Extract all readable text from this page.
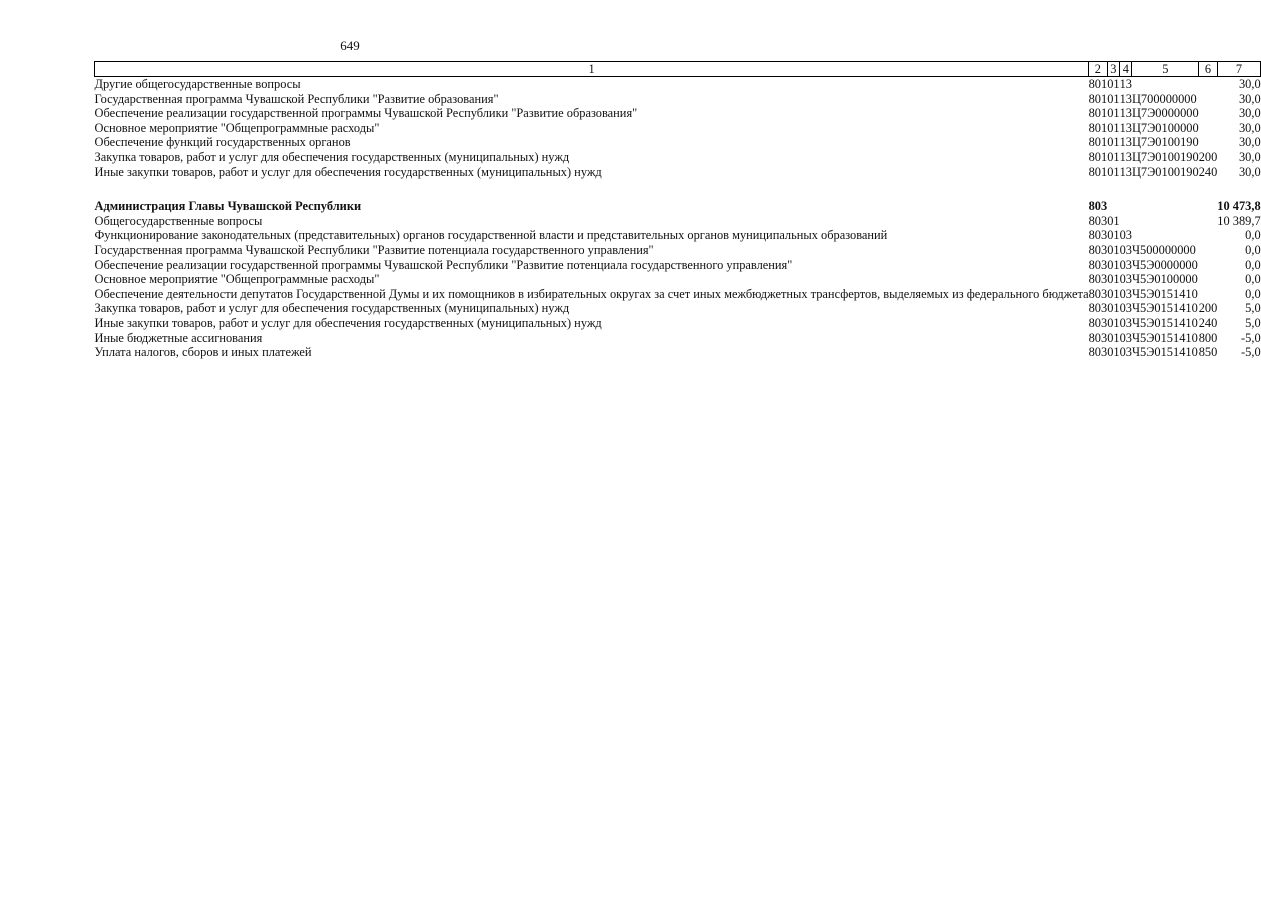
649
1	2	3	4	5	6	7
Другие общегосударственные вопросы	801	01	13			30,0
Государственная программа Чувашской Республики "Развитие образования"	801	01	13	Ц700000000		30,0
Обеспечение реализации государственной программы Чувашской Республики "Развитие образования"	801	01	13	Ц7Э0000000		30,0
Основное мероприятие "Общепрограммные расходы"	801	01	13	Ц7Э0100000		30,0
Обеспечение функций государственных органов	801	01	13	Ц7Э0100190		30,0
Закупка товаров, работ и услуг для обеспечения государственных (муниципальных) нужд	801	01	13	Ц7Э0100190	200	30,0
Иные закупки товаров, работ и услуг для обеспечения государственных (муниципальных) нужд	801	01	13	Ц7Э0100190	240	30,0

Администрация Главы Чувашской Республики	803					10 473,8
Общегосударственные вопросы	803	01				10 389,7
Функционирование законодательных (представительных) органов государственной власти и представительных органов муниципальных образований	803	01	03			0,0
Государственная программа Чувашской Республики "Развитие потенциала государственного управления"	803	01	03	Ч500000000		0,0
Обеспечение реализации государственной программы Чувашской Республики "Развитие потенциала государственного управления"	803	01	03	Ч5Э0000000		0,0
Основное мероприятие "Общепрограммные расходы"	803	01	03	Ч5Э0100000		0,0
Обеспечение деятельности депутатов Государственной Думы и их помощников в избирательных округах за счет иных межбюджетных трансфертов, выделяемых из федерального бюджета	803	01	03	Ч5Э0151410		0,0
Закупка товаров, работ и услуг для обеспечения государственных (муниципальных) нужд	803	01	03	Ч5Э0151410	200	5,0
Иные закупки товаров, работ и услуг для обеспечения государственных (муниципальных) нужд	803	01	03	Ч5Э0151410	240	5,0
Иные бюджетные ассигнования	803	01	03	Ч5Э0151410	800	-5,0
Уплата налогов, сборов и иных платежей	803	01	03	Ч5Э0151410	850	-5,0
